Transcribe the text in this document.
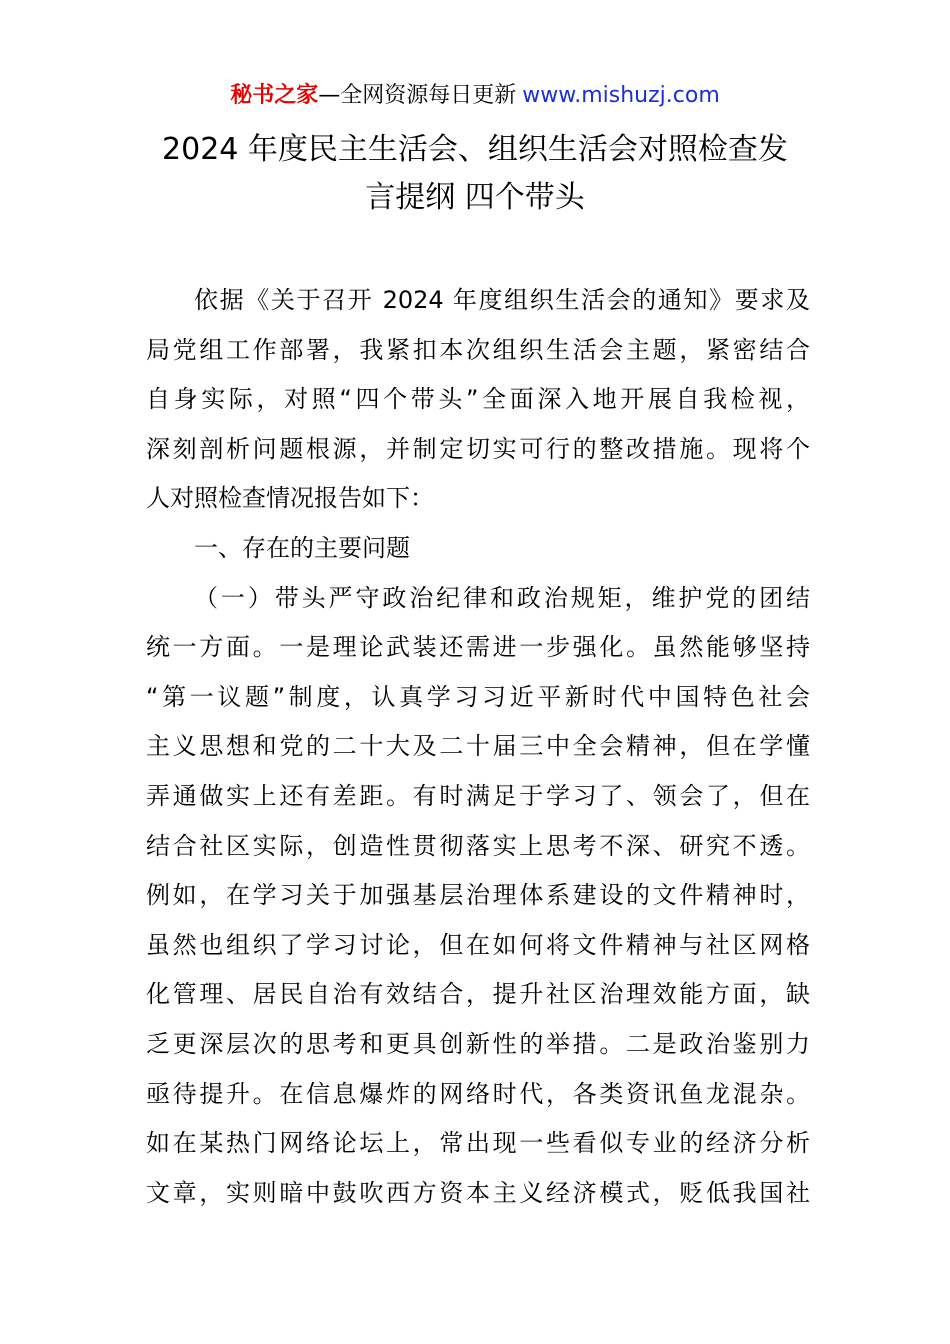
秘书之家—全网资源每日更新 www.mishuzj.com
2024 年度民主生活会、组织生活会对照检查发
言提纲 四个带头
依据《关于召开 2024 年度组织生活会的通知》要求及
局党组工作部署，我紧扣本次组织生活会主题，紧密结合
自身实际，对照“四个带头”全面深入地开展自我检视，
深刻剖析问题根源，并制定切实可行的整改措施。现将个
人对照检查情况报告如下：
一、存在的主要问题
（一）带头严守政治纪律和政治规矩，维护党的团结
统一方面。一是理论武装还需进一步强化。虽然能够坚持
“第一议题”制度，认真学习习近平新时代中国特色社会
主义思想和党的二十大及二十届三中全会精神，但在学懂
弄通做实上还有差距。有时满足于学习了、领会了，但在
结合社区实际，创造性贯彻落实上思考不深、研究不透。
例如，在学习关于加强基层治理体系建设的文件精神时，
虽然也组织了学习讨论，但在如何将文件精神与社区网格
化管理、居民自治有效结合，提升社区治理效能方面，缺
乏更深层次的思考和更具创新性的举措。二是政治鉴别力
亟待提升。在信息爆炸的网络时代，各类资讯鱼龙混杂。
如在某热门网络论坛上，常出现一些看似专业的经济分析
文章，实则暗中鼓吹西方资本主义经济模式，贬低我国社
